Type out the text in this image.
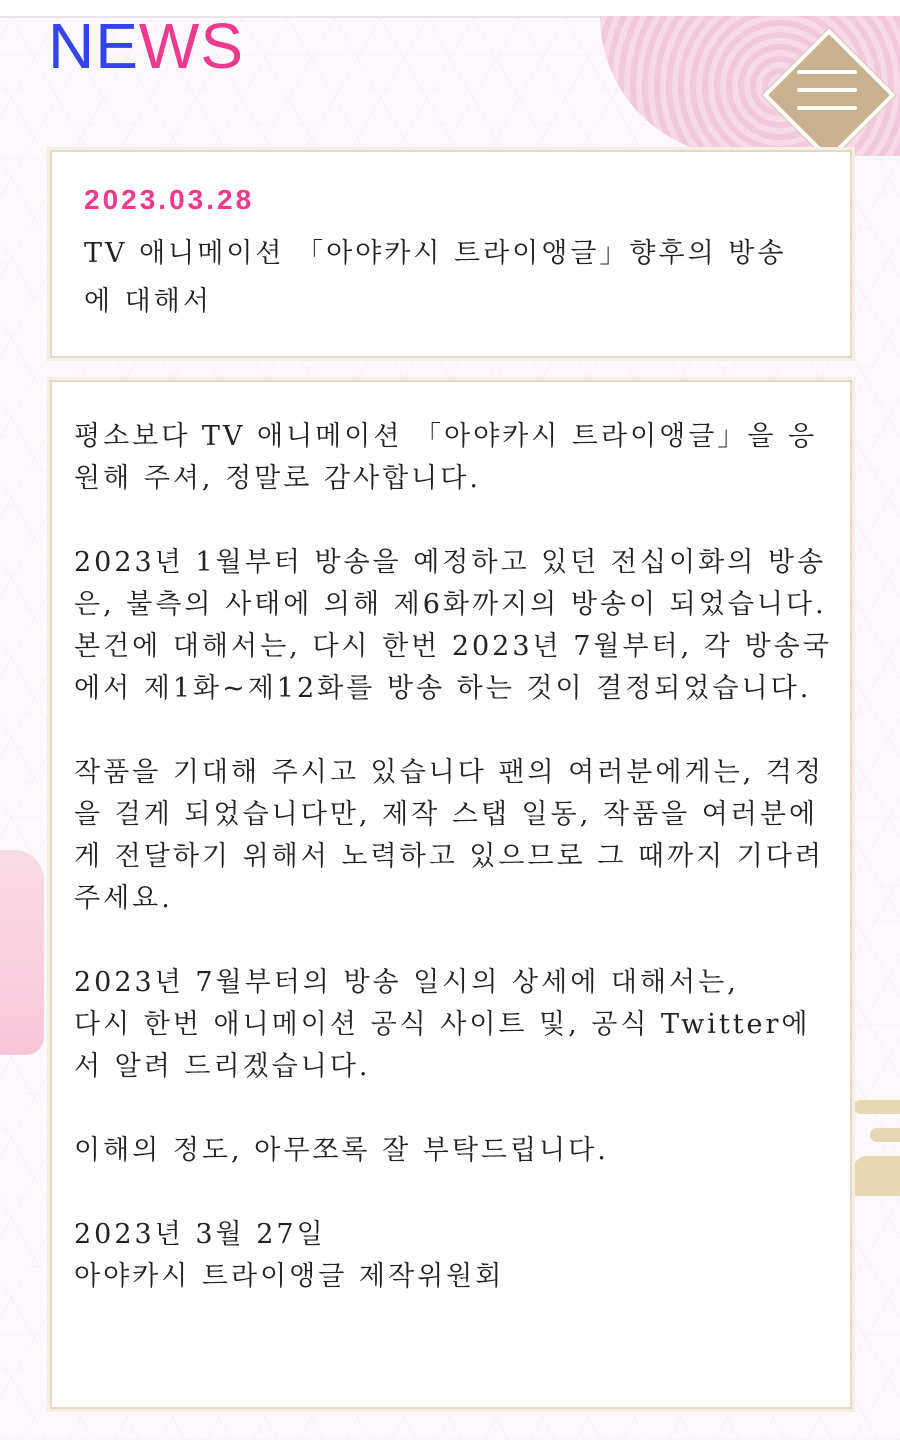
NEWS
2023.03.28
TV 애니메이션 「아야카시 트라이앵글」향후의 방송에 대해서

평소보다 TV 애니메이션 「아야카시 트라이앵글」을 응원해 주셔, 정말로 감사합니다.

2023년 1월부터 방송을 예정하고 있던 전십이화의 방송은, 불측의 사태에 의해 제6화까지의 방송이 되었습니다.
본건에 대해서는, 다시 한번 2023년 7월부터, 각 방송국에서 제1화~제12화를 방송 하는 것이 결정되었습니다.

작품을 기대해 주시고 있습니다 팬의 여러분에게는, 걱정을 걸게 되었습니다만, 제작 스탭 일동, 작품을 여러분에게 전달하기 위해서 노력하고 있으므로 그 때까지 기다려 주세요.

2023년 7월부터의 방송 일시의 상세에 대해서는,
다시 한번 애니메이션 공식 사이트 및, 공식 Twitter에서 알려 드리겠습니다.

이해의 정도, 아무쪼록 잘 부탁드립니다.

2023년 3월 27일
아야카시 트라이앵글 제작위원회
